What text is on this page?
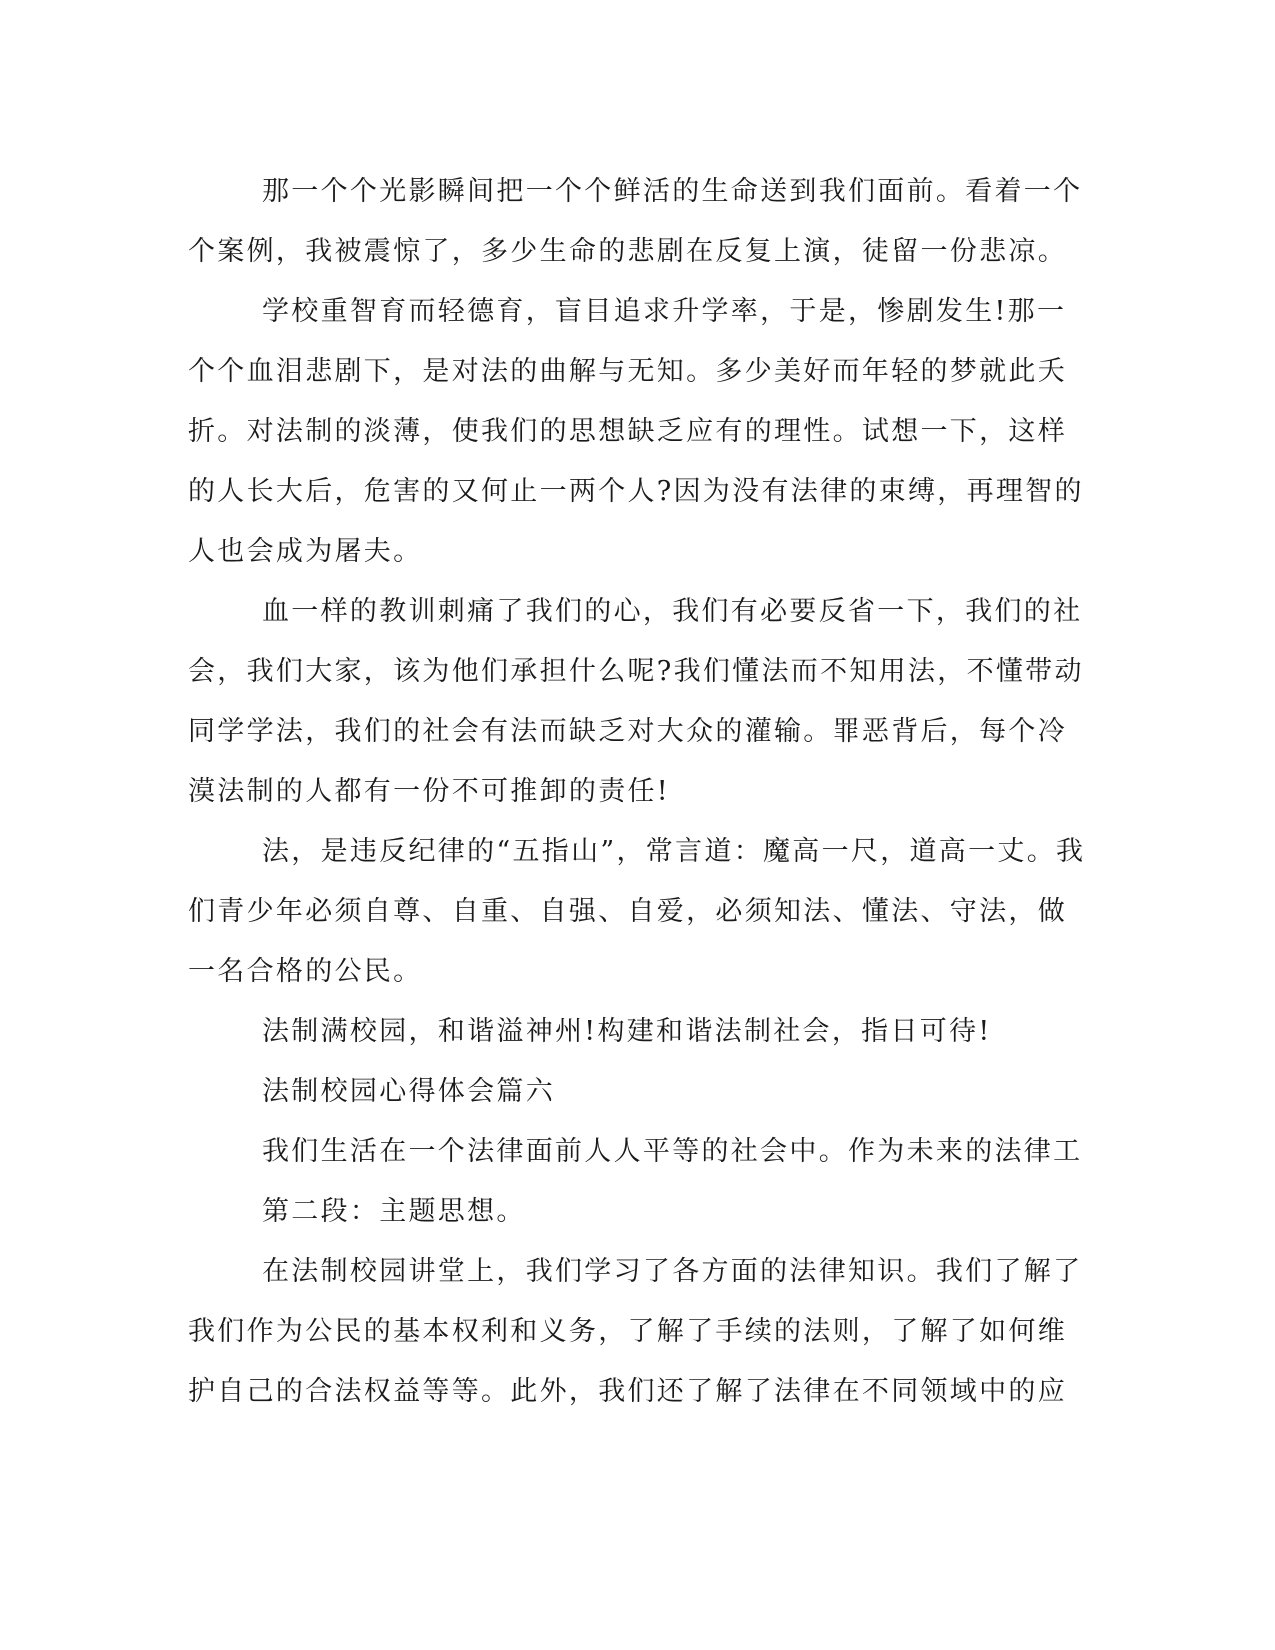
那一个个光影瞬间把一个个鲜活的生命送到我们面前。看着一个个案例，我被震惊了，多少生命的悲剧在反复上演，徒留一份悲凉。

学校重智育而轻德育，盲目追求升学率，于是，惨剧发生!那一个个血泪悲剧下，是对法的曲解与无知。多少美好而年轻的梦就此夭折。对法制的淡薄，使我们的思想缺乏应有的理性。试想一下，这样的人长大后，危害的又何止一两个人?因为没有法律的束缚，再理智的人也会成为屠夫。

血一样的教训刺痛了我们的心，我们有必要反省一下，我们的社会，我们大家，该为他们承担什么呢?我们懂法而不知用法，不懂带动同学学法，我们的社会有法而缺乏对大众的灌输。罪恶背后，每个冷漠法制的人都有一份不可推卸的责任!

法，是违反纪律的“五指山”，常言道：魔高一尺，道高一丈。我们青少年必须自尊、自重、自强、自爱，必须知法、懂法、守法，做一名合格的公民。

法制满校园，和谐溢神州!构建和谐法制社会，指日可待!

法制校园心得体会篇六

我们生活在一个法律面前人人平等的社会中。作为未来的法律工

第二段：主题思想。

在法制校园讲堂上，我们学习了各方面的法律知识。我们了解了我们作为公民的基本权利和义务，了解了手续的法则，了解了如何维护自己的合法权益等等。此外，我们还了解了法律在不同领域中的应
